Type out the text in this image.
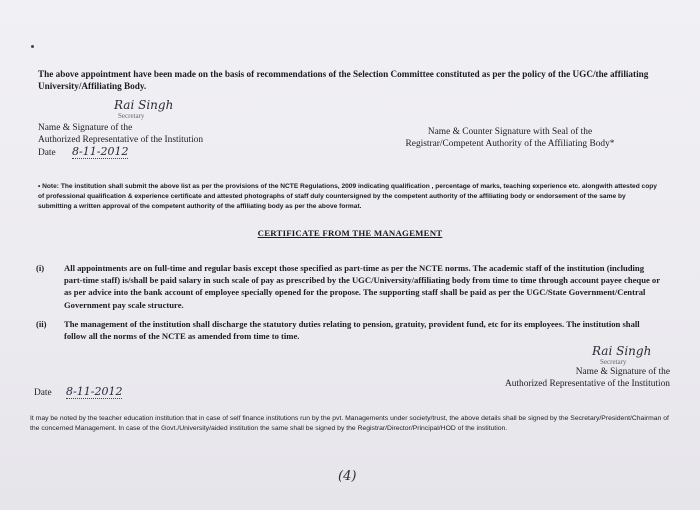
The above appointment have been made on the basis of recommendations of the Selection Committee constituted as per the policy of the UGC/the affiliating University/Affiliating Body.
Rai Singh
Secretary
Name & Signature of the
Authorized Representative of the Institution
Date 8-11-2012
Name & Counter Signature with Seal of the
Registrar/Competent Authority of the Affiliating Body*
• Note: The institution shall submit the above list as per the provisions of the NCTE Regulations, 2009 indicating qualification , percentage of marks, teaching experience etc. alongwith attested copy of professional qualification & experience certificate and attested photographs of staff duly countersigned by the competent authority of the affiliating body or endorsement of the same by submitting a written approval of the competent authority of the affiliating body as per the above format.
CERTIFICATE FROM THE MANAGEMENT
(i) All appointments are on full-time and regular basis except those specified as part-time as per the NCTE norms. The academic staff of the institution (including part-time staff) is/shall be paid salary in such scale of pay as prescribed by the UGC/University/affiliating body from time to time through account payee cheque or as per advice into the bank account of employee specially opened for the propose. The supporting staff shall be paid as per the UGC/State Government/Central Government pay scale structure.
(ii) The management of the institution shall discharge the statutory duties relating to pension, gratuity, provident fund, etc for its employees. The institution shall follow all the norms of the NCTE as amended from time to time.
Rai Singh
Secretary
Name & Signature of the
Authorized Representative of the Institution
Date 8-11-2012
It may be noted by the teacher education institution that in case of self finance institutions run by the pvt. Managements under society/trust, the above details shall be signed by the Secretary/President/Chairman of the concerned Management. In case of the Govt./University/aided institution the same shall be signed by the Registrar/Director/Principal/HOD of the institution.
(4)
